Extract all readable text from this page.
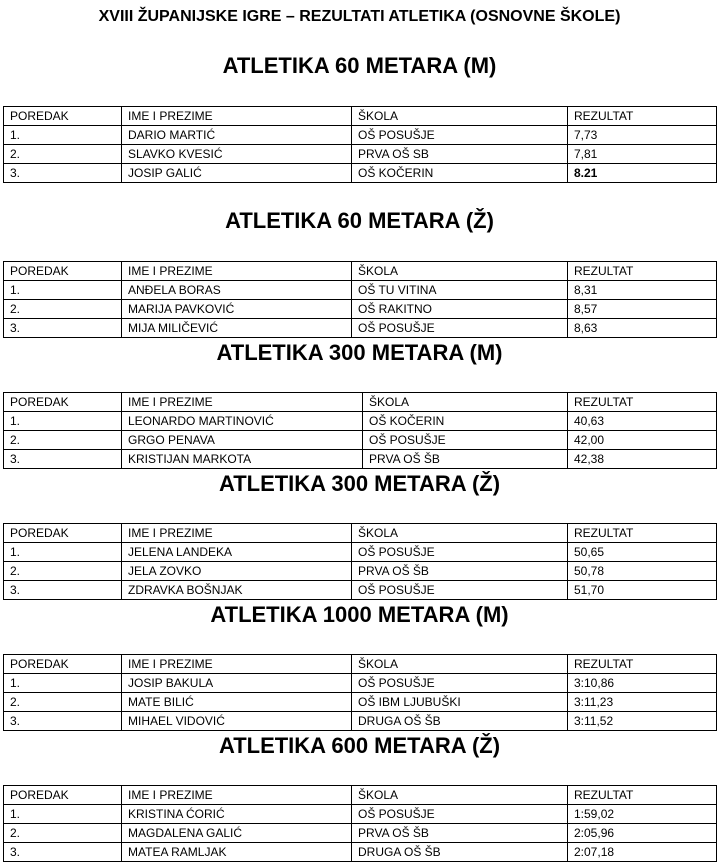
XVIII ŽUPANIJSKE IGRE – REZULTATI ATLETIKA (OSNOVNE ŠKOLE)
ATLETIKA 60 METARA (M)
POREDAK	IME I PREZIME	ŠKOLA	REZULTAT
1.	DARIO MARTIĆ	OŠ POSUŠJE	7,73
2.	SLAVKO KVESIĆ	PRVA OŠ SB	7,81
3.	JOSIP GALIĆ	OŠ KOČERIN	8.21
ATLETIKA 60 METARA (Ž)
POREDAK	IME I PREZIME	ŠKOLA	REZULTAT
1.	ANĐELA BORAS	OŠ TU VITINA	8,31
2.	MARIJA PAVKOVIĆ	OŠ RAKITNO	8,57
3.	MIJA MILIČEVIĆ	OŠ POSUŠJE	8,63
ATLETIKA 300 METARA (M)
POREDAK	IME I PREZIME	ŠKOLA	REZULTAT
1.	LEONARDO MARTINOVIĆ	OŠ KOČERIN	40,63
2.	GRGO PENAVA	OŠ POSUŠJE	42,00
3.	KRISTIJAN MARKOTA	PRVA OŠ ŠB	42,38
ATLETIKA 300 METARA (Ž)
POREDAK	IME I PREZIME	ŠKOLA	REZULTAT
1.	JELENA LANDEKA	OŠ POSUŠJE	50,65
2.	JELA ZOVKO	PRVA OŠ ŠB	50,78
3.	ZDRAVKA BOŠNJAK	OŠ POSUŠJE	51,70
ATLETIKA 1000 METARA (M)
POREDAK	IME I PREZIME	ŠKOLA	REZULTAT
1.	JOSIP BAKULA	OŠ POSUŠJE	3:10,86
2.	MATE BILIĆ	OŠ IBM LJUBUŠKI	3:11,23
3.	MIHAEL VIDOVIĆ	DRUGA OŠ ŠB	3:11,52
ATLETIKA 600 METARA (Ž)
POREDAK	IME I PREZIME	ŠKOLA	REZULTAT
1.	KRISTINA ĆORIĆ	OŠ POSUŠJE	1:59,02
2.	MAGDALENA GALIĆ	PRVA OŠ ŠB	2:05,96
3.	MATEA RAMLJAK	DRUGA OŠ ŠB	2:07,18
